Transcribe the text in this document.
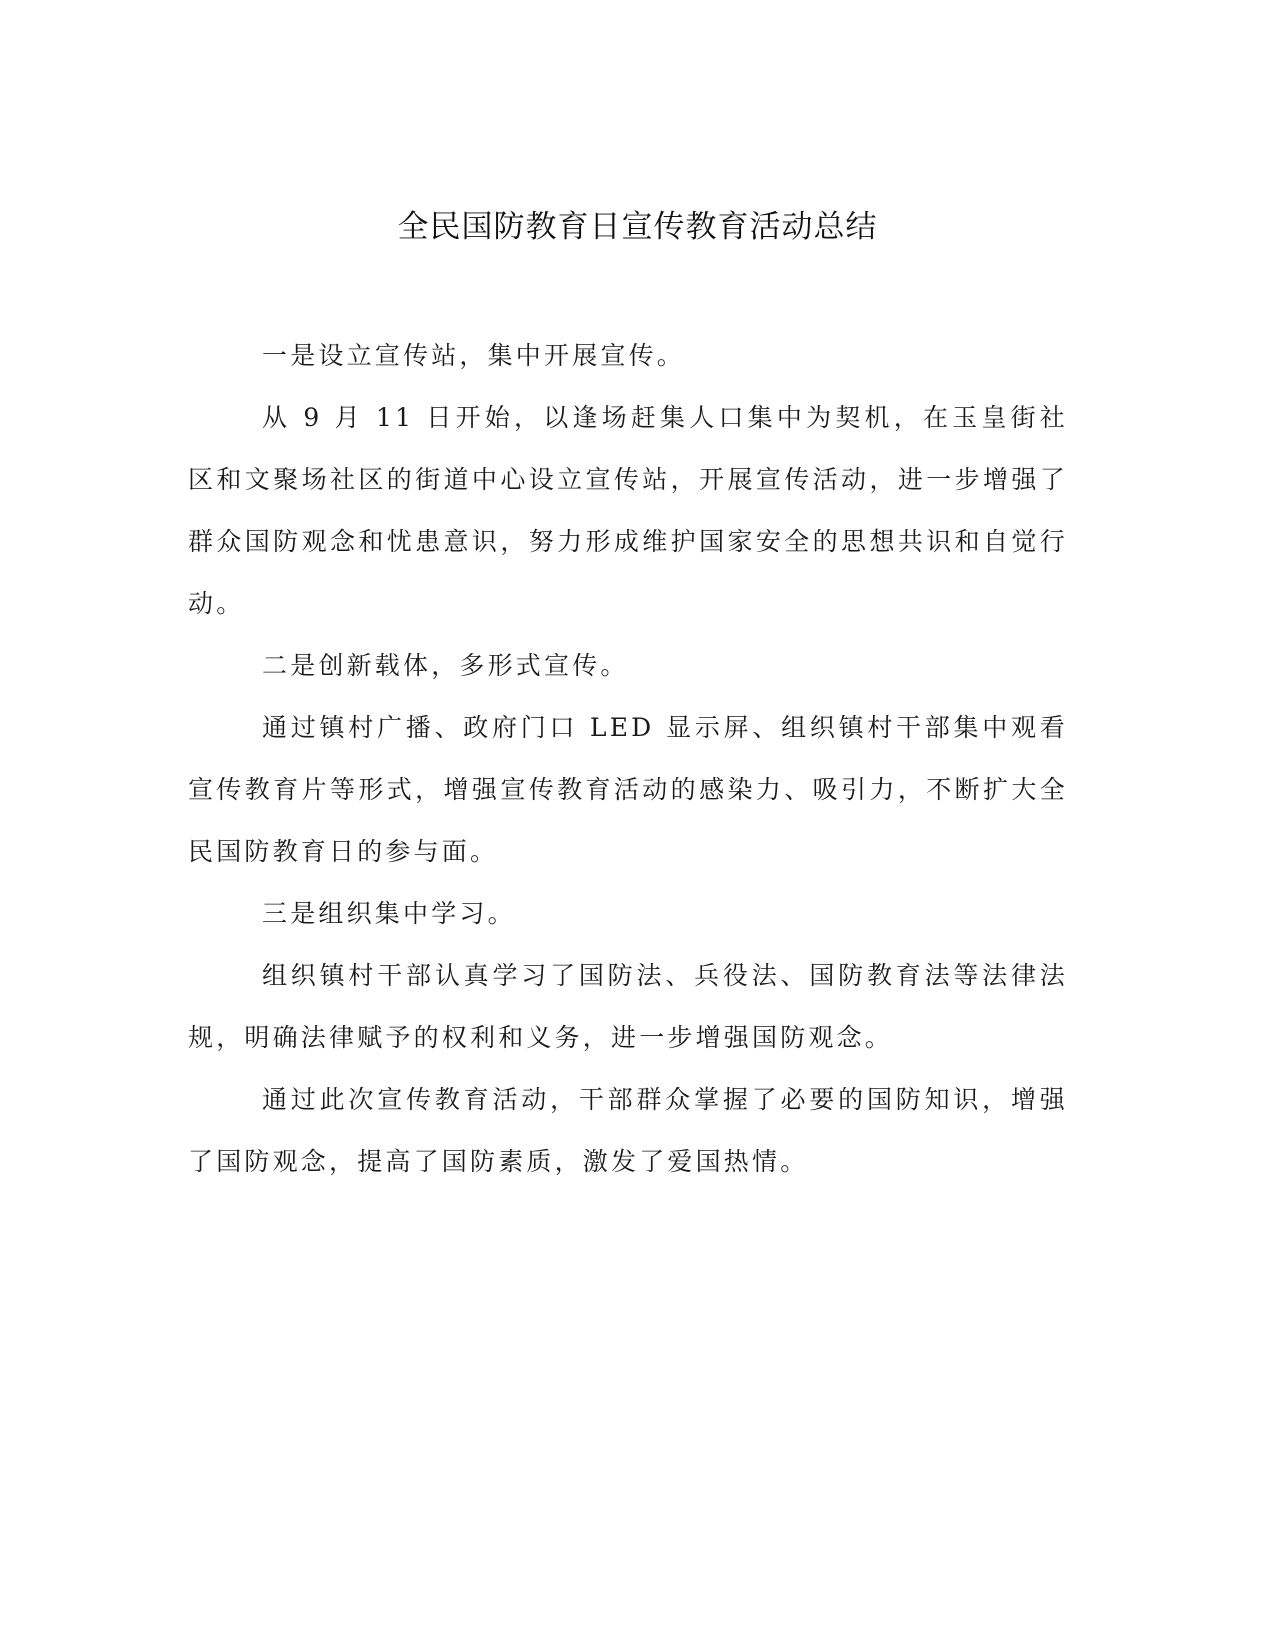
全民国防教育日宣传教育活动总结

一是设立宣传站，集中开展宣传。

从 9 月 11 日开始，以逢场赶集人口集中为契机，在玉皇街社区和文聚场社区的街道中心设立宣传站，开展宣传活动，进一步增强了群众国防观念和忧患意识，努力形成维护国家安全的思想共识和自觉行动。

二是创新载体，多形式宣传。

通过镇村广播、政府门口 LED 显示屏、组织镇村干部集中观看宣传教育片等形式，增强宣传教育活动的感染力、吸引力，不断扩大全民国防教育日的参与面。

三是组织集中学习。

组织镇村干部认真学习了国防法、兵役法、国防教育法等法律法规，明确法律赋予的权利和义务，进一步增强国防观念。

通过此次宣传教育活动，干部群众掌握了必要的国防知识，增强了国防观念，提高了国防素质，激发了爱国热情。
